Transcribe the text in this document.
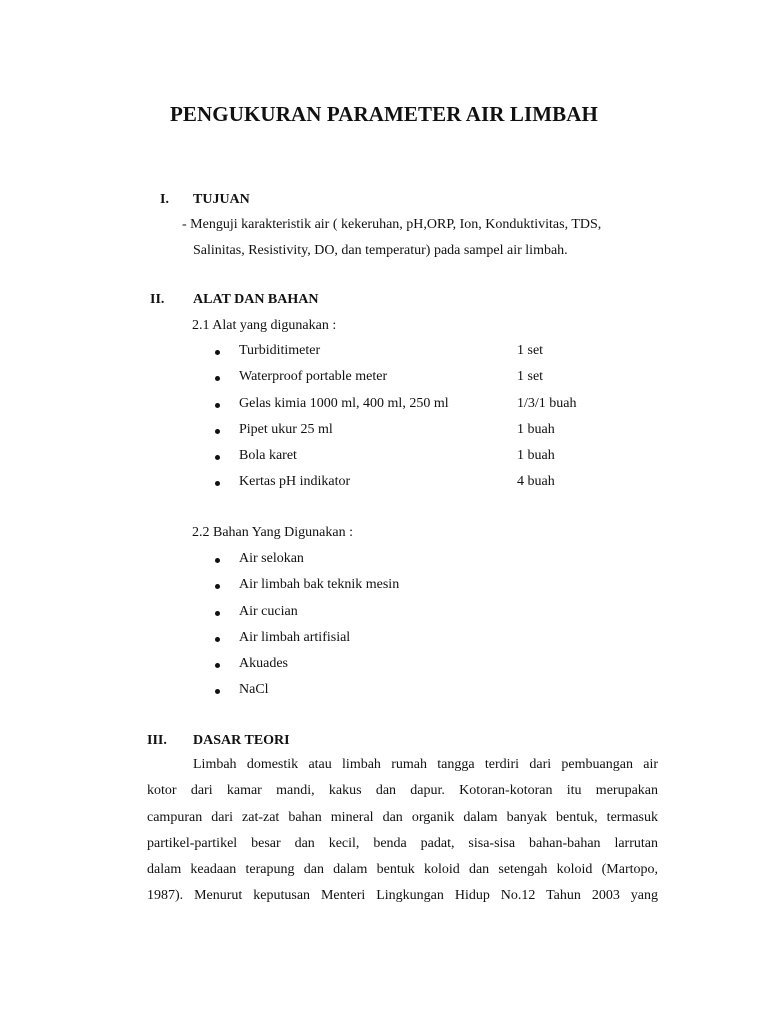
PENGUKURAN PARAMETER AIR LIMBAH
I. TUJUAN
- Menguji karakteristik air ( kekeruhan, pH,ORP, Ion, Konduktivitas, TDS,
Salinitas, Resistivity, DO, dan temperatur) pada sampel air limbah.
II. ALAT DAN BAHAN
2.1 Alat yang digunakan :
Turbiditimeter	1 set
Waterproof portable meter	1 set
Gelas kimia 1000 ml, 400 ml, 250 ml	1/3/1 buah
Pipet ukur 25 ml	1 buah
Bola karet	1 buah
Kertas pH indikator	4 buah
2.2 Bahan Yang Digunakan :
Air selokan
Air limbah bak teknik mesin
Air cucian
Air limbah artifisial
Akuades
NaCl
III. DASAR TEORI
Limbah domestik atau limbah rumah tangga terdiri dari pembuangan air
kotor dari kamar mandi, kakus dan dapur. Kotoran-kotoran itu merupakan
campuran dari zat-zat bahan mineral dan organik dalam banyak bentuk, termasuk
partikel-partikel besar dan kecil, benda padat, sisa-sisa bahan-bahan larrutan
dalam keadaan terapung dan dalam bentuk koloid dan setengah koloid (Martopo,
1987). Menurut keputusan Menteri Lingkungan Hidup No.12 Tahun 2003 yang
